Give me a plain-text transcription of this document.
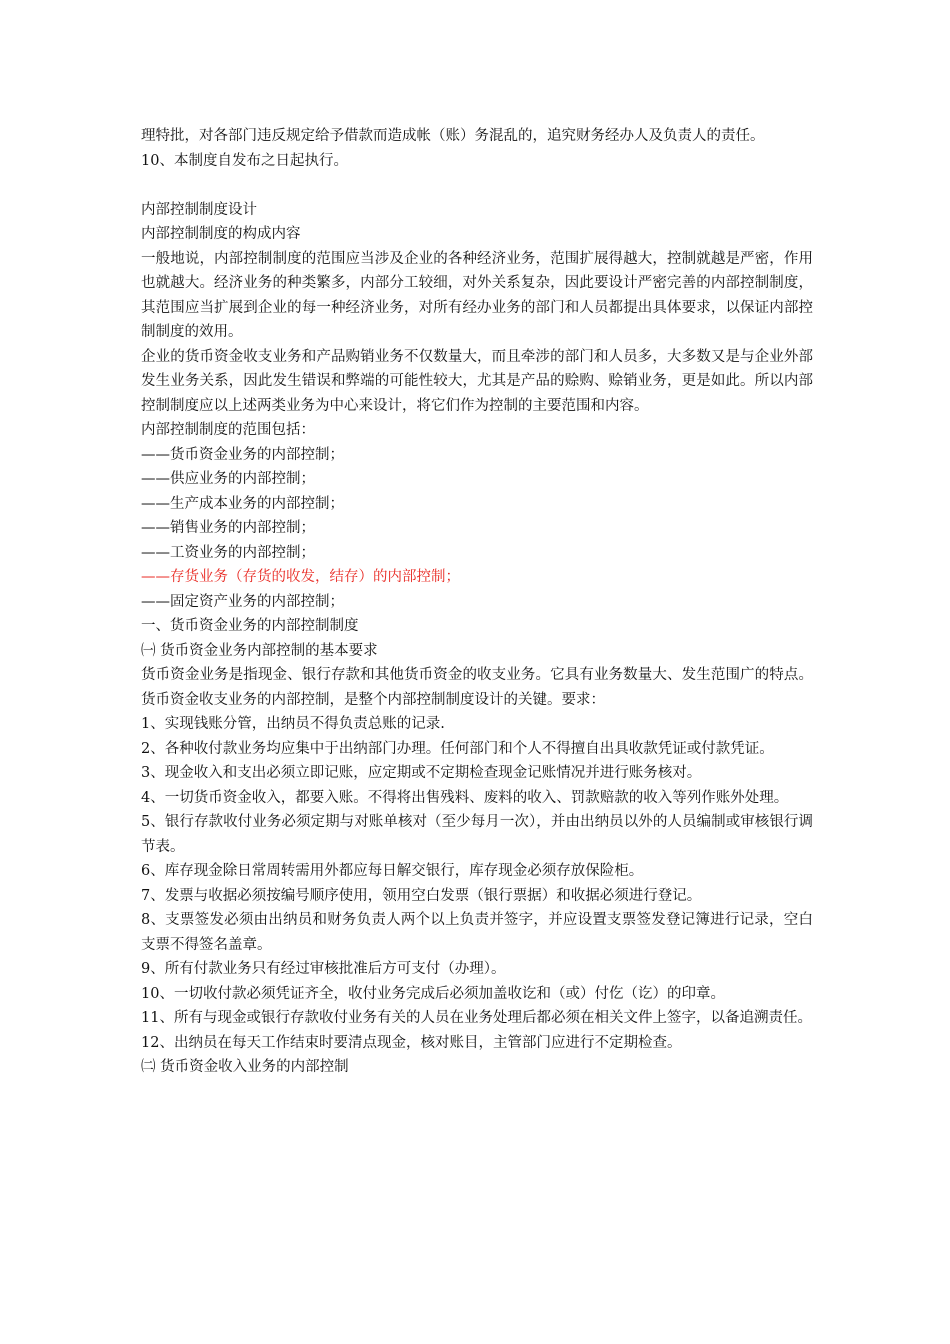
理特批，对各部门违反规定给予借款而造成帐（账）务混乱的，追究财务经办人及负责人的责任。

10、本制度自发布之日起执行。

内部控制制度设计

内部控制制度的构成内容

一般地说，内部控制制度的范围应当涉及企业的各种经济业务，范围扩展得越大，控制就越是严密，作用也就越大。经济业务的种类繁多，内部分工较细，对外关系复杂，因此要设计严密完善的内部控制制度，其范围应当扩展到企业的每一种经济业务，对所有经办业务的部门和人员都提出具体要求，以保证内部控制制度的效用。

企业的货币资金收支业务和产品购销业务不仅数量大，而且牵涉的部门和人员多，大多数又是与企业外部发生业务关系，因此发生错误和弊端的可能性较大，尤其是产品的赊购、赊销业务，更是如此。所以内部控制制度应以上述两类业务为中心来设计，将它们作为控制的主要范围和内容。

内部控制制度的范围包括：

——货币资金业务的内部控制；

——供应业务的内部控制；

——生产成本业务的内部控制；

——销售业务的内部控制；

——工资业务的内部控制；

——存货业务（存货的收发，结存）的内部控制；

——固定资产业务的内部控制；

一、货币资金业务的内部控制制度

㈠ 货币资金业务内部控制的基本要求

货币资金业务是指现金、银行存款和其他货币资金的收支业务。它具有业务数量大、发生范围广的特点。货币资金收支业务的内部控制，是整个内部控制制度设计的关键。要求：

1、实现钱账分管，出纳员不得负责总账的记录.

2、各种收付款业务均应集中于出纳部门办理。任何部门和个人不得擅自出具收款凭证或付款凭证。

3、现金收入和支出必须立即记账，应定期或不定期检查现金记账情况并进行账务核对。

4、一切货币资金收入，都要入账。不得将出售残料、废料的收入、罚款赔款的收入等列作账外处理。

5、银行存款收付业务必须定期与对账单核对（至少每月一次），并由出纳员以外的人员编制或审核银行调节表。

6、库存现金除日常周转需用外都应每日解交银行，库存现金必须存放保险柜。

7、发票与收据必须按编号顺序使用，领用空白发票（银行票据）和收据必须进行登记。

8、支票签发必须由出纳员和财务负责人两个以上负责并签字，并应设置支票签发登记簿进行记录，空白支票不得签名盖章。

9、所有付款业务只有经过审核批准后方可支付（办理）。

10、一切收付款必须凭证齐全，收付业务完成后必须加盖收讫和（或）付仡（讫）的印章。

11、所有与现金或银行存款收付业务有关的人员在业务处理后都必须在相关文件上签字，以备追溯责任。

12、出纳员在每天工作结束时要清点现金，核对账目，主管部门应进行不定期检查。

㈡ 货币资金收入业务的内部控制
